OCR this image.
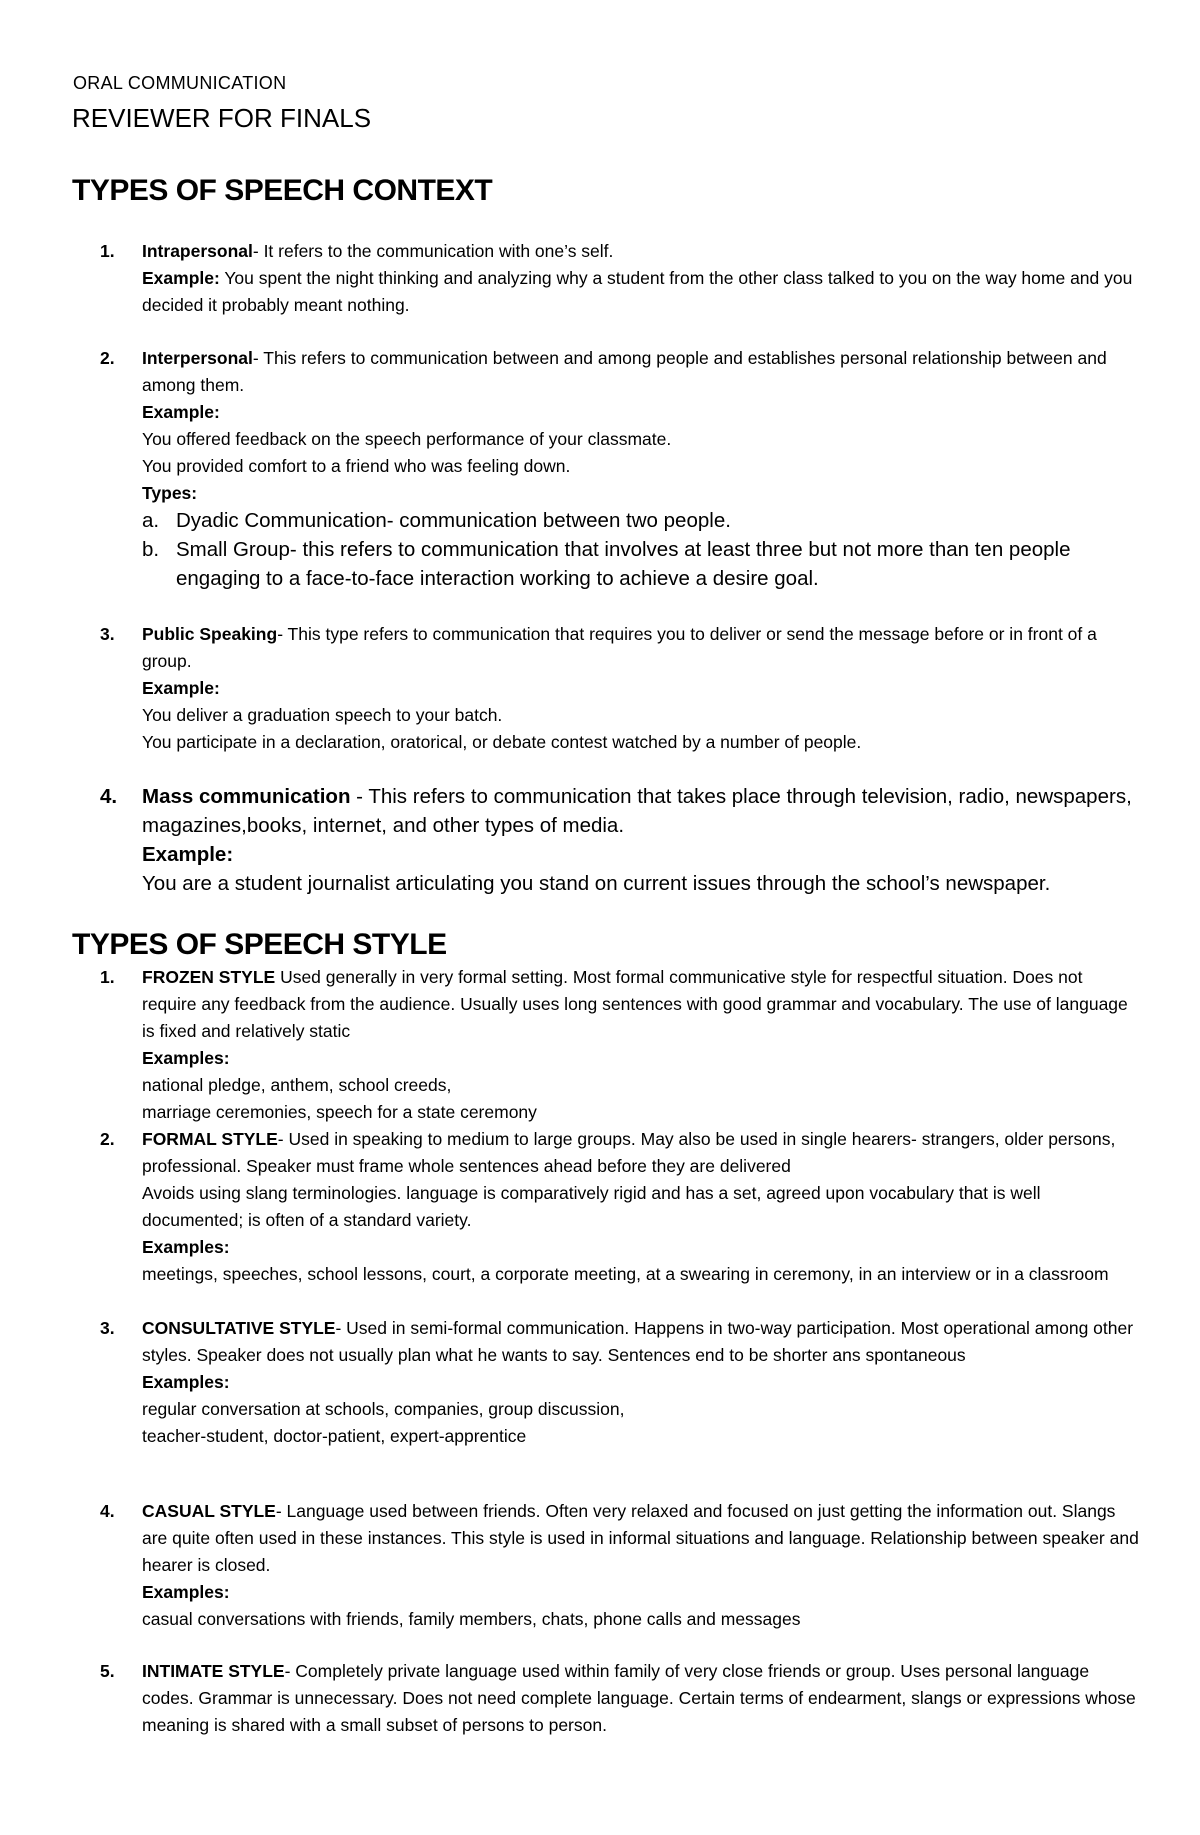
ORAL COMMUNICATION
REVIEWER FOR FINALS
TYPES OF SPEECH CONTEXT
1.	Intrapersonal- It refers to the communication with one’s self.

Example: You spent the night thinking and analyzing why a student from the other class talked to you on the way home and you decided it probably meant nothing.

2.	Interpersonal- This refers to communication between and among people and establishes personal relationship between and among them.

Example:

You offered feedback on the speech performance of your classmate.

You provided comfort to a friend who was feeling down.

Types:

a. Dyadic Communication- communication between two people.
b. Small Group- this refers to communication that involves at least three but not more than ten people engaging to a face-to-face interaction working to achieve a desire goal.
3.	Public Speaking- This type refers to communication that requires you to deliver or send the message before or in front of a group.

Example:

You deliver a graduation speech to your batch.

You participate in a declaration, oratorical, or debate contest watched by a number of people.

4.	Mass communication - This refers to communication that takes place through television, radio, newspapers, magazines,books, internet, and other types of media.

Example:

You are a student journalist articulating you stand on current issues through the school’s newspaper.

TYPES OF SPEECH STYLE
1.	FROZEN STYLE Used generally in very formal setting. Most formal communicative style for respectful situation. Does not require any feedback from the audience. Usually uses long sentences with good grammar and vocabulary. The use of language is fixed and relatively static

Examples:

national pledge, anthem, school creeds,

marriage ceremonies, speech for a state ceremony

2.	FORMAL STYLE- Used in speaking to medium to large groups. May also be used in single hearers- strangers, older persons, professional. Speaker must frame whole sentences ahead before they are delivered

Avoids using slang terminologies. language is comparatively rigid and has a set, agreed upon vocabulary that is well documented; is often of a standard variety.

Examples:

meetings, speeches, school lessons, court, a corporate meeting, at a swearing in ceremony, in an interview or in a classroom

3.	CONSULTATIVE STYLE- Used in semi-formal communication. Happens in two-way participation. Most operational among other styles. Speaker does not usually plan what he wants to say. Sentences end to be shorter ans spontaneous

Examples:

regular conversation at schools, companies, group discussion,

teacher-student, doctor-patient, expert-apprentice

4.	CASUAL STYLE- Language used between friends. Often very relaxed and focused on just getting the information out. Slangs are quite often used in these instances. This style is used in informal situations and language. Relationship between speaker and hearer is closed.

Examples:

casual conversations with friends, family members, chats, phone calls and messages

5.	INTIMATE STYLE- Completely private language used within family of very close friends or group. Uses personal language codes. Grammar is unnecessary. Does not need complete language. Certain terms of endearment, slangs or expressions whose meaning is shared with a small subset of persons to person.
